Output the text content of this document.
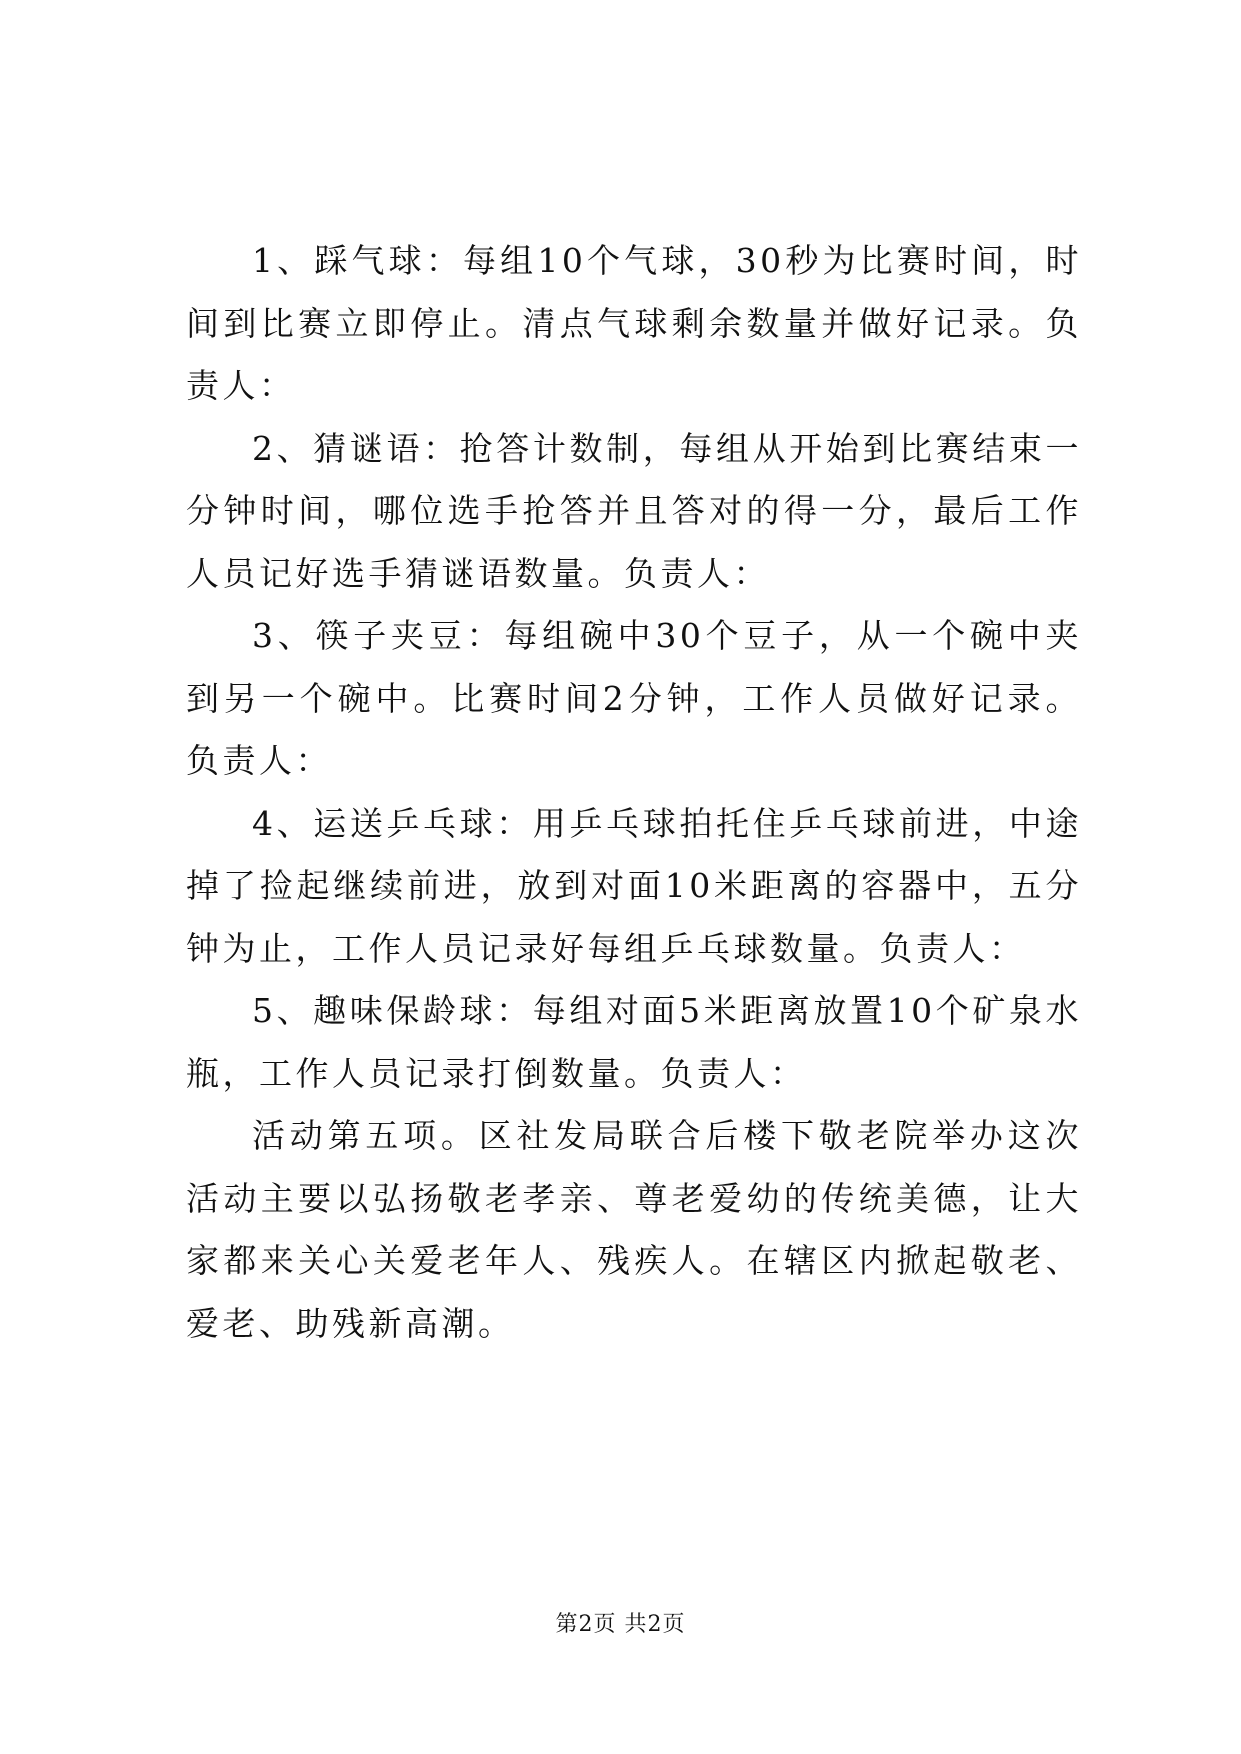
1、踩气球：每组10个气球，30秒为比赛时间，时间到比赛立即停止。清点气球剩余数量并做好记录。负责人：

2、猜谜语：抢答计数制，每组从开始到比赛结束一分钟时间，哪位选手抢答并且答对的得一分，最后工作人员记好选手猜谜语数量。负责人：

3、筷子夹豆：每组碗中30个豆子，从一个碗中夹到另一个碗中。比赛时间2分钟，工作人员做好记录。负责人：

4、运送乒乓球：用乒乓球拍托住乒乓球前进，中途掉了捡起继续前进，放到对面10米距离的容器中，五分钟为止，工作人员记录好每组乒乓球数量。负责人：

5、趣味保龄球：每组对面5米距离放置10个矿泉水瓶，工作人员记录打倒数量。负责人：

活动第五项。区社发局联合后楼下敬老院举办这次活动主要以弘扬敬老孝亲、尊老爱幼的传统美德，让大家都来关心关爱老年人、残疾人。在辖区内掀起敬老、爱老、助残新高潮。

第2页 共2页
